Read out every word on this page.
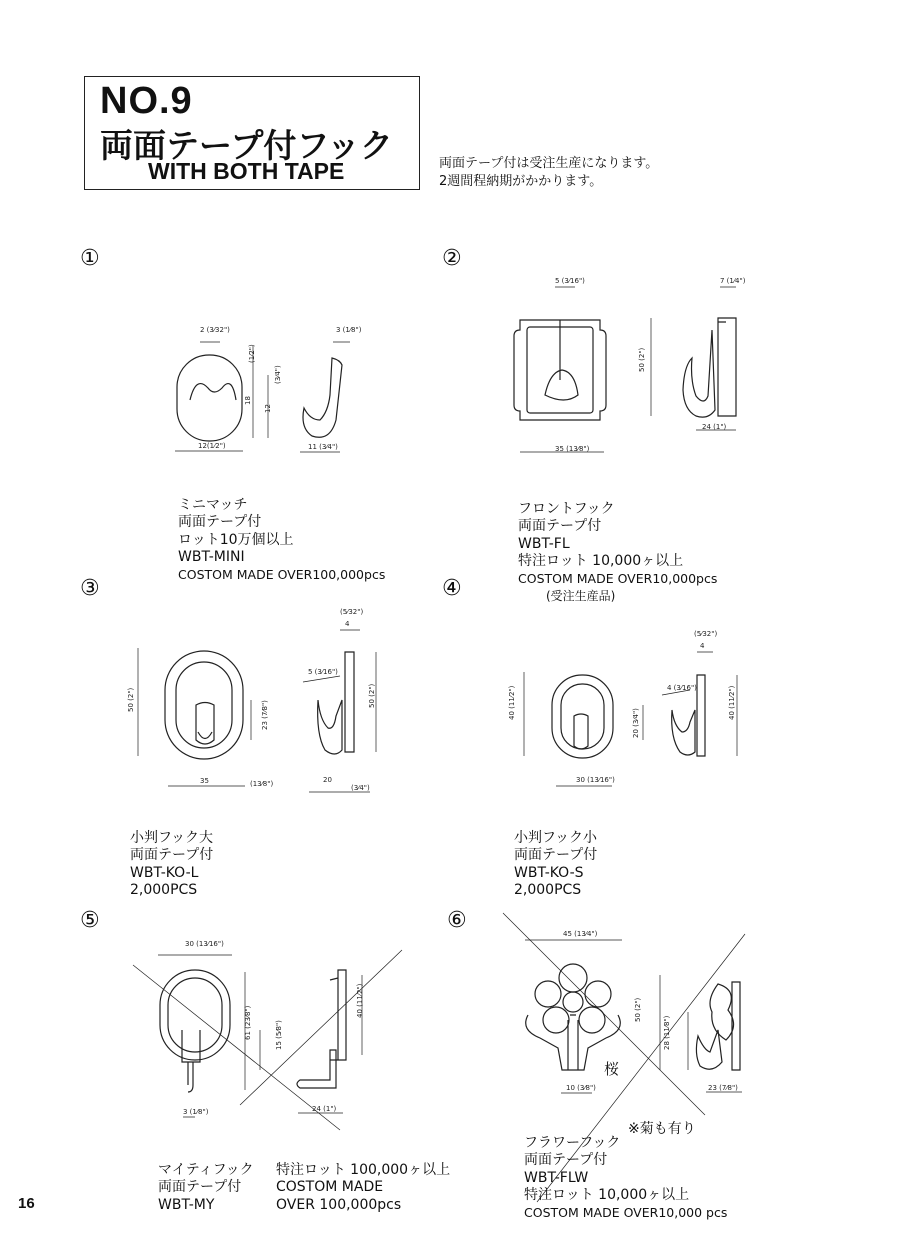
NO.9
両面テープ付フック
WITH BOTH TAPE	両面テープ付は受注生産になります。
2週間程納期がかかります。
①	②
③	④
⑤	⑥
2 (3⁄32")	3 (1⁄8")
18
(1⁄2")
(3⁄4")
12
12(1⁄2")	11 (3⁄4")
5 (3⁄16")	7 (1⁄4")
50 (2")
35 (13⁄8")
24 (1")
(5⁄32")
4
5 (3⁄16")
50 (2")
23 (7⁄8")
50 (2")
35	(13⁄8")	20
(3⁄4")
(5⁄32")
4
4 (3⁄16")
40 (11⁄2")
20 (3⁄4")
40 (11⁄2")
30 (13⁄16")
30 (13⁄16")
61 (23⁄8")	15 (5⁄8")
40 (11⁄2")
3 (1⁄8")	24 (1")
45 (13⁄4")
50 (2")
28 (11⁄8")
10 (3⁄8")	23 (7⁄8")
桜

ミニマッチ
両面テープ付
ロット10万個以上
WBT-MINI
COSTOM MADE OVER100,000pcs

フロントフック
両面テープ付
WBT-FL
特注ロット 10,000ヶ以上
COSTOM MADE OVER10,000pcs
(受注生産品)

小判フック大
両面テープ付
WBT-KO-L
2,000PCS

小判フック小
両面テープ付
WBT-KO-S
2,000PCS

マイティフック
両面テープ付
WBT-MY

特注ロット 100,000ヶ以上
COSTOM MADE
OVER 100,000pcs

フラワーフック
両面テープ付
WBT-FLW
特注ロット 10,000ヶ以上
COSTOM MADE OVER10,000 pcs

※菊も有り
16
